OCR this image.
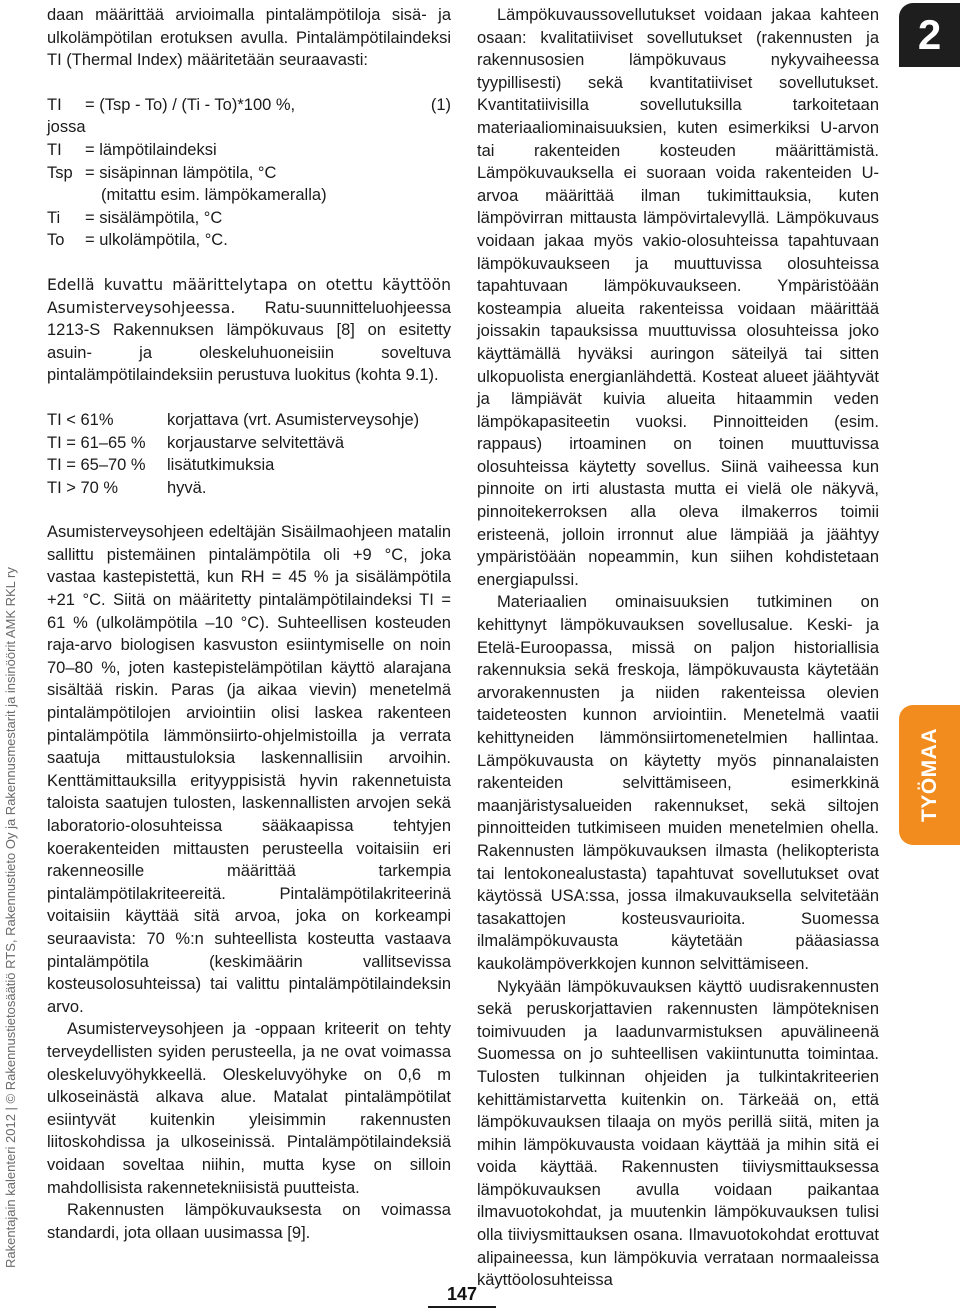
Rakentajain kalenteri 2012 | © Rakennustietosäätiö RTS, Rakennustieto Oy ja Rakennusmestarit ja insinöörit AMK RKL ry

daan määrittää arvioimalla pintalämpötiloja sisä- ja ulkolämpötilan erotuksen avulla. Pintalämpötilaindeksi TI (Thermal Index) määritetään seuraavasti:

TI	= (Tsp - To) / (Ti - To)*100 %,	(1)
jossa
TI	= lämpötilaindeksi
Tsp = sisäpinnan lämpötila, °C
(mitattu esim. lämpökameralla)
Ti	= sisälämpötila, °C
To	= ulkolämpötila, °C.

Edellä kuvattu määrittelytapa on otettu käyttöön Asumisterveysohjeessa. Ratu-suunnitteluohjeessa 1213-S Rakennuksen lämpökuvaus [8] on esitetty asuin- ja oleskeluhuoneisiin soveltuva pintalämpötilaindeksiin perustuva luokitus (kohta 9.1).

TI < 61%	korjattava (vrt. Asumisterveysohje)
TI = 61–65 %	korjaustarve selvitettävä
TI = 65–70 %	lisätutkimuksia
TI > 70 %	hyvä.

Asumisterveysohjeen edeltäjän Sisäilmaohjeen matalin sallittu pistemäinen pintalämpötila oli +9 °C, joka vastaa kastepistettä, kun RH = 45 % ja sisälämpötila +21 °C. Siitä on määritetty pintalämpötilaindeksi TI = 61 % (ulkolämpötila –10 °C). Suhteellisen kosteuden raja-arvo biologisen kasvuston esiintymiselle on noin 70–80 %, joten kastepistelämpötilan käyttö alarajana sisältää riskin. Paras (ja aikaa vievin) menetelmä pintalämpötilojen arviointiin olisi laskea rakenteen pintalämpötila lämmönsiirto-ohjelmistoilla ja verrata saatuja mittaustuloksia laskennallisiin arvoihin. Kenttämittauksilla erityyppisistä hyvin rakennetuista taloista saatujen tulosten, laskennallisten arvojen sekä laboratorio-olosuhteissa sääkaapissa tehtyjen koerakenteiden mittausten perusteella voitaisiin eri rakenneosille määrittää tarkempia pintalämpötilakriteereitä. Pintalämpötilakriteerinä voitaisiin käyttää sitä arvoa, joka on korkeampi seuraavista: 70 %:n suhteellista kosteutta vastaava pintalämpötila (keskimäärin vallitsevissa kosteusolosuhteissa) tai valittu pintalämpötilaindeksin arvo.

Asumisterveysohjeen ja -oppaan kriteerit on tehty terveydellisten syiden perusteella, ja ne ovat voimassa oleskeluvyöhykkeellä. Oleskeluvyöhyke on 0,6 m ulkoseinästä alkava alue. Matalat pintalämpötilat esiintyvät kuitenkin yleisimmin rakennusten liitoskohdissa ja ulkoseinissä. Pintalämpötilaindeksiä voidaan soveltaa niihin, mutta kyse on silloin mahdollisista rakennetekniisistä puutteista.

Rakennusten lämpökuvauksesta on voimassa standardi, jota ollaan uusimassa [9].

Lämpökuvaussovellutukset voidaan jakaa kahteen osaan: kvalitatiiviset sovellutukset (rakennusten ja rakennusosien lämpökuvaus nykyvaiheessa tyypillisesti) sekä kvantitatiiviset sovellutukset. Kvantitatiivisilla sovellutuksilla tarkoitetaan materiaaliominaisuuksien, kuten esimerkiksi U-arvon tai rakenteiden kosteuden määrittämistä. Lämpökuvauksella ei suoraan voida rakenteiden U-arvoa määrittää ilman tukimittauksia, kuten lämpövirran mittausta lämpövirtalevyllä. Lämpökuvaus voidaan jakaa myös vakio-olosuhteissa tapahtuvaan lämpökuvaukseen ja muuttuvissa olosuhteissa tapahtuvaan lämpökuvaukseen. Ympäristöään kosteampia alueita rakenteissa voidaan määrittää joissakin tapauksissa muuttuvissa olosuhteissa joko käyttämällä hyväksi auringon säteilyä tai sitten ulkopuolista energianlähdettä. Kosteat alueet jäähtyvät ja lämpiävät kuivia alueita hitaammin veden lämpökapasiteetin vuoksi. Pinnoitteiden (esim. rappaus) irtoaminen on toinen muuttuvissa olosuhteissa käytetty sovellus. Siinä vaiheessa kun pinnoite on irti alustasta mutta ei vielä ole näkyvä, pinnoitekerroksen alla oleva ilmakerros toimii eristeenä, jolloin irronnut alue lämpiää ja jäähtyy ympäristöään nopeammin, kun siihen kohdistetaan energiapulssi.

Materiaalien ominaisuuksien tutkiminen on kehittynyt lämpökuvauksen sovellusalue. Keski- ja Etelä-Euroopassa, missä on paljon historiallisia rakennuksia sekä freskoja, lämpökuvausta käytetään arvorakennusten ja niiden rakenteissa olevien taideteosten kunnon arviointiin. Menetelmä vaatii kehittyneiden lämmönsiirtomenetelmien hallintaa. Lämpökuvausta on käytetty myös pinnanalaisten rakenteiden selvittämiseen, esimerkkinä maanjäristysalueiden rakennukset, sekä siltojen pinnoitteiden tutkimiseen muiden menetelmien ohella. Rakennusten lämpökuvauksen ilmasta (helikopterista tai lentokonealustasta) tapahtuvat sovellutukset ovat käytössä USA:ssa, jossa ilmakuvauksella selvitetään tasakattojen kosteusvaurioita. Suomessa ilmalämpökuvausta käytetään pääasiassa kaukolämpöverkkojen kunnon selvittämiseen.

Nykyään lämpökuvauksen käyttö uudisrakennusten sekä peruskorjattavien rakennusten lämpöteknisen toimivuuden ja laadunvarmistuksen apuvälineenä Suomessa on jo suhteellisen vakiintunutta toimintaa. Tulosten tulkinnan ohjeiden ja tulkintakriteerien kehittämistarvetta kuitenkin on. Tärkeää on, että lämpökuvauksen tilaaja on myös perillä siitä, miten ja mihin lämpökuvausta voidaan käyttää ja mihin sitä ei voida käyttää. Rakennusten tiiviysmittauksessa lämpökuvauksen avulla voidaan paikantaa ilmavuotokohdat, ja muutenkin lämpökuvauksen tulisi olla tiiviysmittauksen osana. Ilmavuotokohdat erottuvat alipaineessa, kun lämpökuvia verrataan normaaleissa käyttöolosuhteissa

2
TYÖMAA
147
